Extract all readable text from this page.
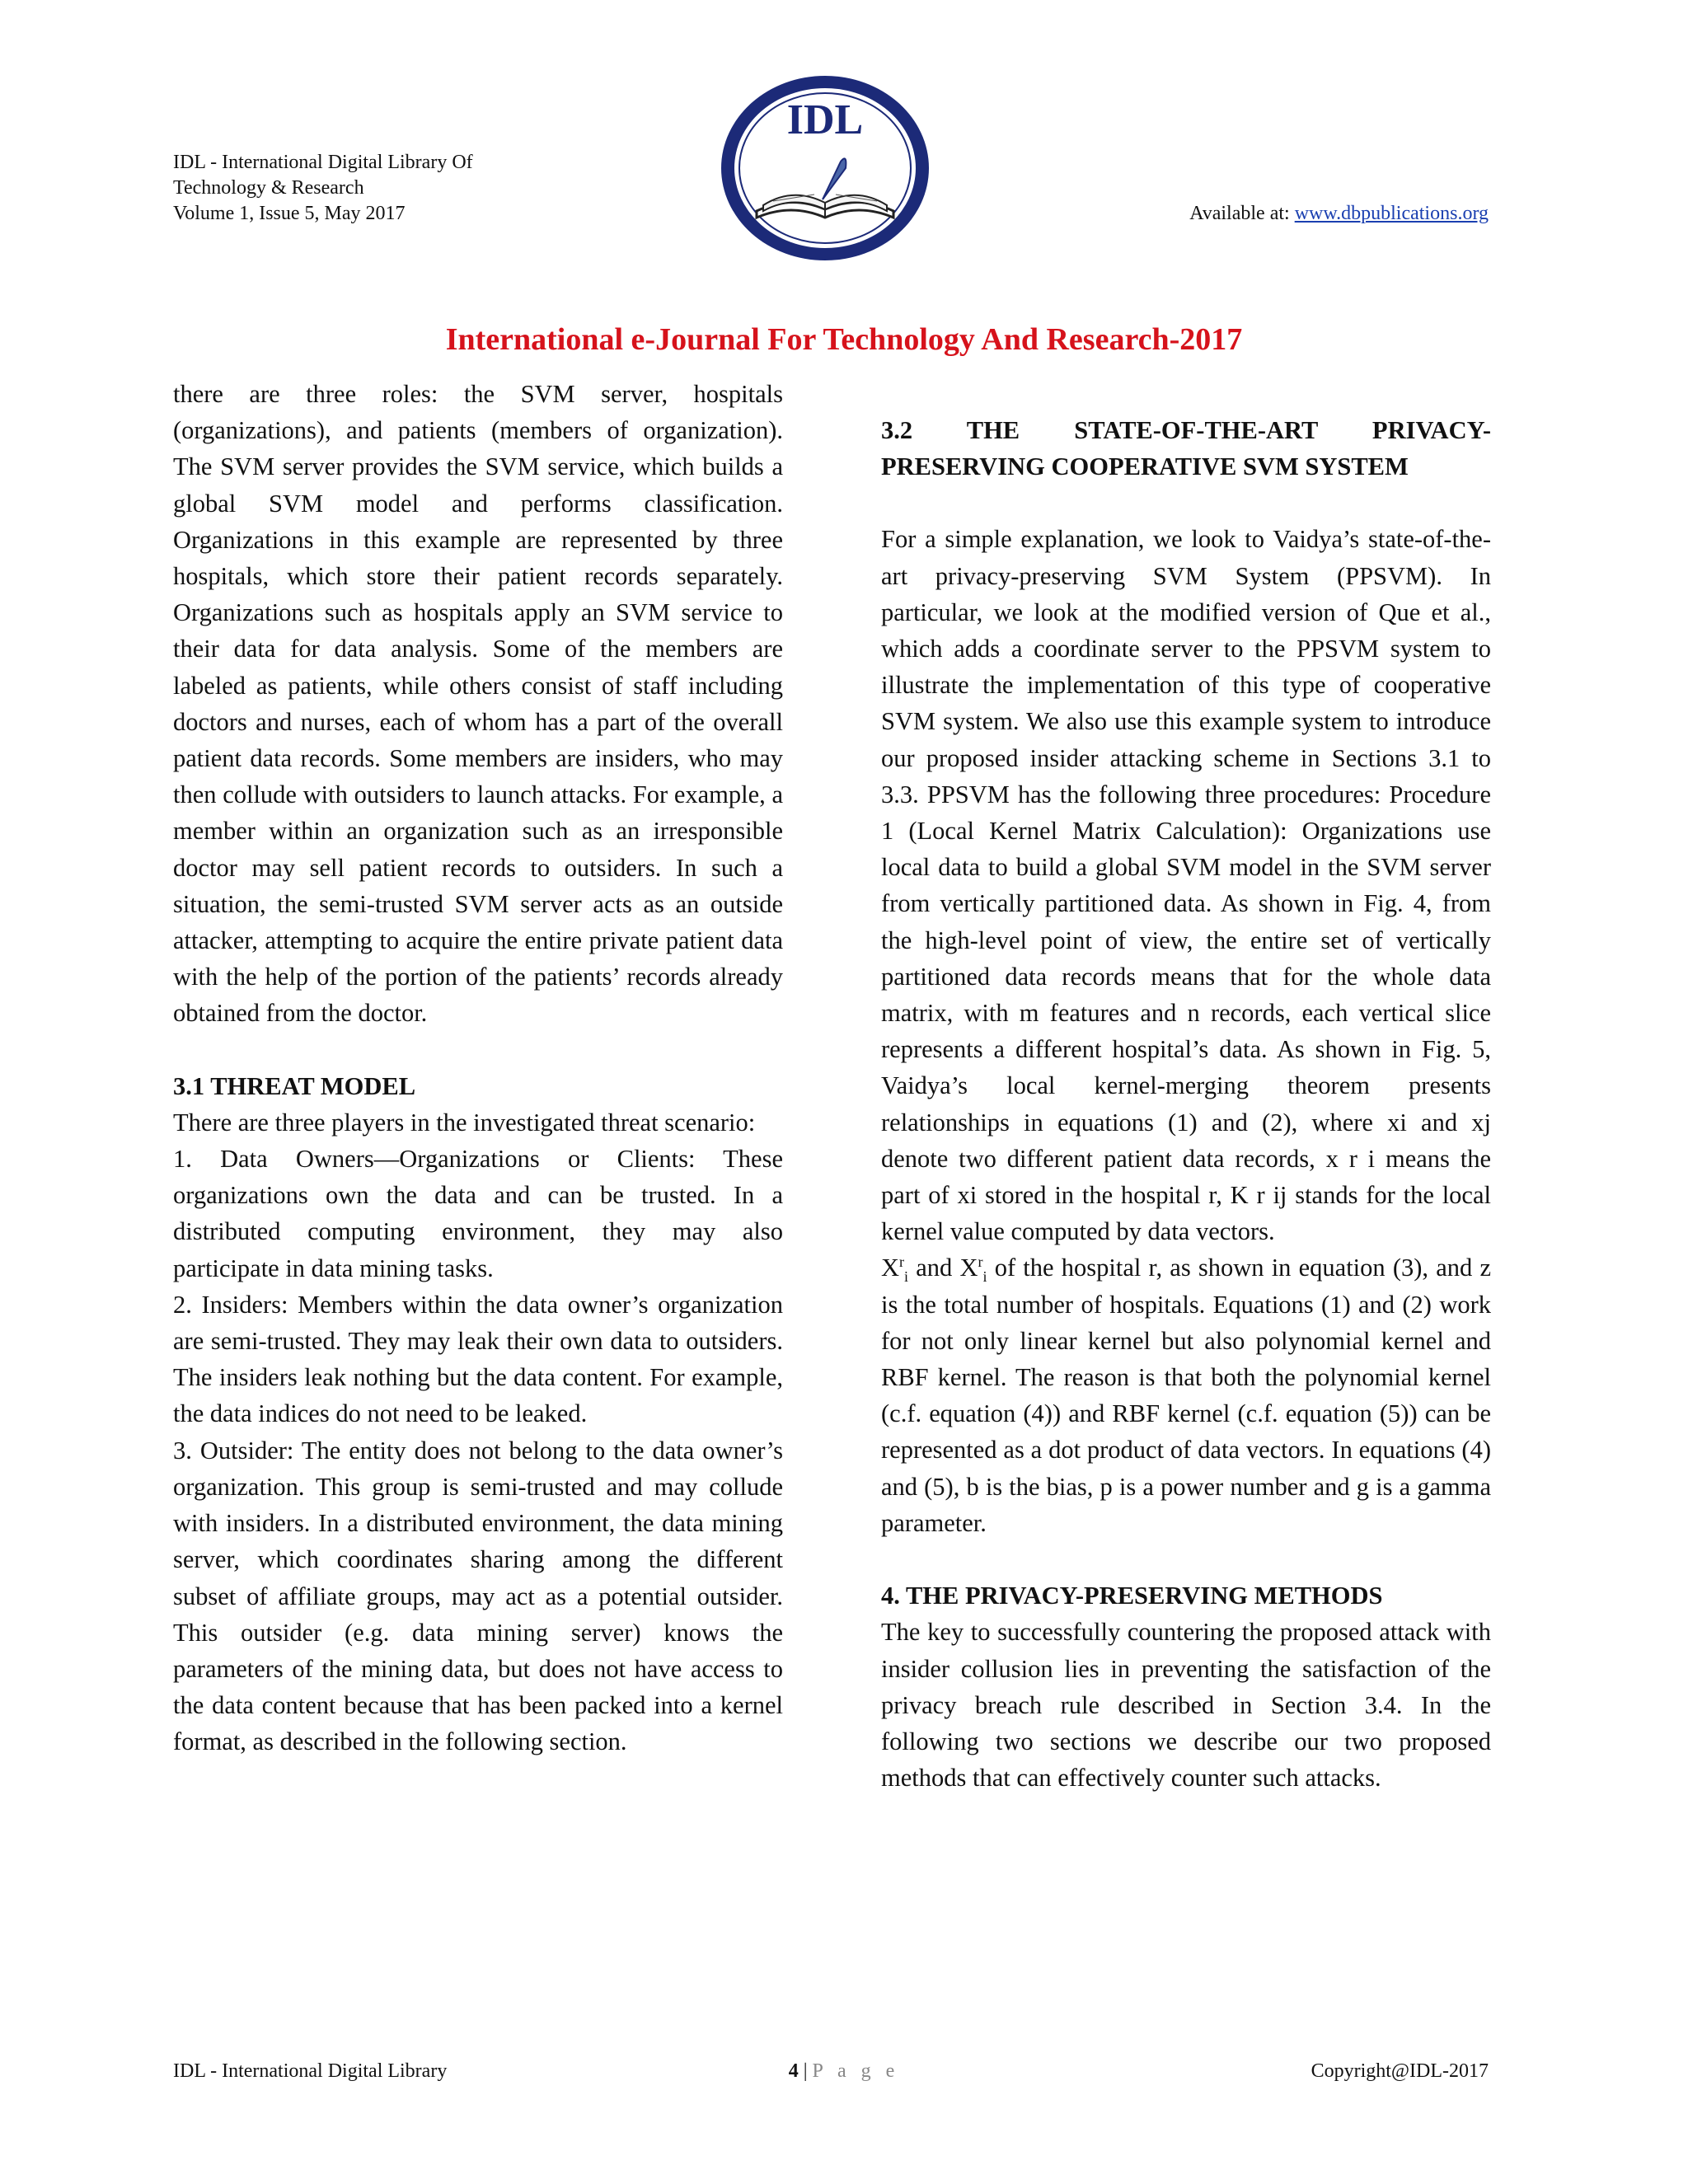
IDL - International Digital Library Of
Technology & Research
Volume 1, Issue 5, May 2017
IDL
Available at: www.dbpublications.org
International e-Journal For Technology And Research-2017

there are three roles: the SVM server, hospitals (organizations), and patients (members of organization). The SVM server provides the SVM service, which builds a global SVM model and performs classification. Organizations in this example are represented by three hospitals, which store their patient records separately. Organizations such as hospitals apply an SVM service to their data for data analysis. Some of the members are labeled as patients, while others consist of staff including doctors and nurses, each of whom has a part of the overall patient data records. Some members are insiders, who may then collude with outsiders to launch attacks. For example, a member within an organization such as an irresponsible doctor may sell patient records to outsiders. In such a situation, the semi-trusted SVM server acts as an outside attacker, attempting to acquire the entire private patient data with the help of the portion of the patients’ records already obtained from the doctor.

3.1 THREAT MODEL

There are three players in the investigated threat scenario:

1. Data Owners—Organizations or Clients: These organizations own the data and can be trusted. In a distributed computing environment, they may also participate in data mining tasks.

2. Insiders: Members within the data owner’s organization are semi-trusted. They may leak their own data to outsiders. The insiders leak nothing but the data content. For example, the data indices do not need to be leaked.

3. Outsider: The entity does not belong to the data owner’s organization. This group is semi-trusted and may collude with insiders. In a distributed environment, the data mining server, which coordinates sharing among the different subset of affiliate groups, may act as a potential outsider. This outsider (e.g. data mining server) knows the parameters of the mining data, but does not have access to the data content because that has been packed into a kernel format, as described in the following section.

3.2 THE STATE-OF-THE-ART PRIVACY-PRESERVING COOPERATIVE SVM SYSTEM

For a simple explanation, we look to Vaidya’s state-of-the-art privacy-preserving SVM System (PPSVM). In particular, we look at the modified version of Que et al., which adds a coordinate server to the PPSVM system to illustrate the implementation of this type of cooperative SVM system. We also use this example system to introduce our proposed insider attacking scheme in Sections 3.1 to 3.3. PPSVM has the following three procedures: Procedure 1 (Local Kernel Matrix Calculation): Organizations use local data to build a global SVM model in the SVM server from vertically partitioned data. As shown in Fig. 4, from the high-level point of view, the entire set of vertically partitioned data records means that for the whole data matrix, with m features and n records, each vertical slice represents a different hospital’s data. As shown in Fig. 5, Vaidya’s local kernel-merging theorem presents relationships in equations (1) and (2), where xi and xj denote two different patient data records, x r i means the part of xi stored in the hospital r, K r ij stands for the local kernel value computed by data vectors.

$X^r_i$ and $X^r_i$ of the hospital r, as shown in equation (3), and z is the total number of hospitals. Equations (1) and (2) work for not only linear kernel but also polynomial kernel and RBF kernel. The reason is that both the polynomial kernel (c.f. equation (4)) and RBF kernel (c.f. equation (5)) can be represented as a dot product of data vectors. In equations (4) and (5), b is the bias, p is a power number and g is a gamma parameter.

4. THE PRIVACY-PRESERVING METHODS

The key to successfully countering the proposed attack with insider collusion lies in preventing the satisfaction of the privacy breach rule described in Section 3.4. In the following two sections we describe our two proposed methods that can effectively counter such attacks.

IDL - International Digital Library	4 | P a g e	Copyright@IDL-2017
